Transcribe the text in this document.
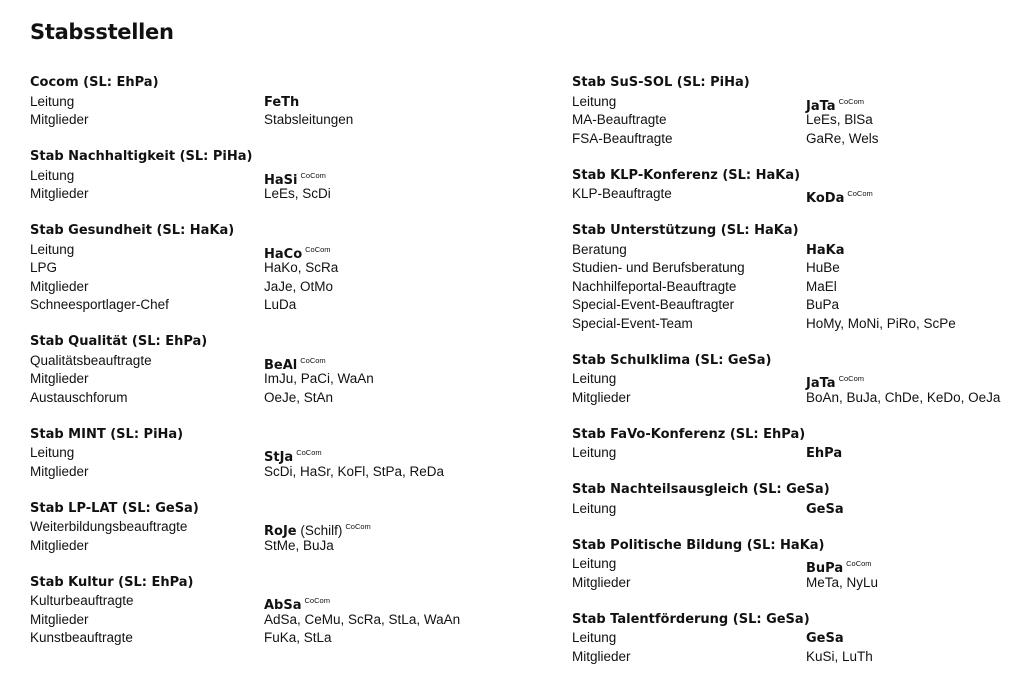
Stabsstellen
Cocom (SL: EhPa)
Leitung	FeTh
Mitglieder	Stabsleitungen
Stab Nachhaltigkeit (SL: PiHa)
Leitung	HaSi $^{CoCom}$
Mitglieder	LeEs, ScDi
Stab Gesundheit (SL: HaKa)
Leitung	HaCo $^{CoCom}$
LPG	HaKo, ScRa
Mitglieder	JaJe, OtMo
Schneesportlager-Chef	LuDa
Stab Qualität (SL: EhPa)
Qualitätsbeauftragte	BeAl $^{CoCom}$
Mitglieder	ImJu, PaCi, WaAn
Austauschforum	OeJe, StAn
Stab MINT (SL: PiHa)
Leitung	StJa $^{CoCom}$
Mitglieder	ScDi, HaSr, KoFl, StPa, ReDa
Stab LP-LAT (SL: GeSa)
Weiterbildungsbeauftragte	RoJe (Schilf) $^{CoCom}$
Mitglieder	StMe, BuJa
Stab Kultur (SL: EhPa)
Kulturbeauftragte	AbSa $^{CoCom}$
Mitglieder	AdSa, CeMu, ScRa, StLa, WaAn
Kunstbeauftragte	FuKa, StLa
Stab SuS-SOL (SL: PiHa)
Leitung	JaTa $^{CoCom}$
MA-Beauftragte	LeEs, BlSa
FSA-Beauftragte	GaRe, Wels
Stab KLP-Konferenz (SL: HaKa)
KLP-Beauftragte	KoDa $^{CoCom}$
Stab Unterstützung (SL: HaKa)
Beratung	HaKa
Studien- und Berufsberatung	HuBe
Nachhilfeportal-Beauftragte	MaEl
Special-Event-Beauftragter	BuPa
Special-Event-Team	HoMy, MoNi, PiRo, ScPe
Stab Schulklima (SL: GeSa)
Leitung	JaTa $^{CoCom}$
Mitglieder	BoAn, BuJa, ChDe, KeDo, OeJa
Stab FaVo-Konferenz (SL: EhPa)
Leitung	EhPa
Stab Nachteilsausgleich (SL: GeSa)
Leitung	GeSa
Stab Politische Bildung (SL: HaKa)
Leitung	BuPa $^{CoCom}$
Mitglieder	MeTa, NyLu
Stab Talentförderung (SL: GeSa)
Leitung	GeSa
Mitglieder	KuSi, LuTh
